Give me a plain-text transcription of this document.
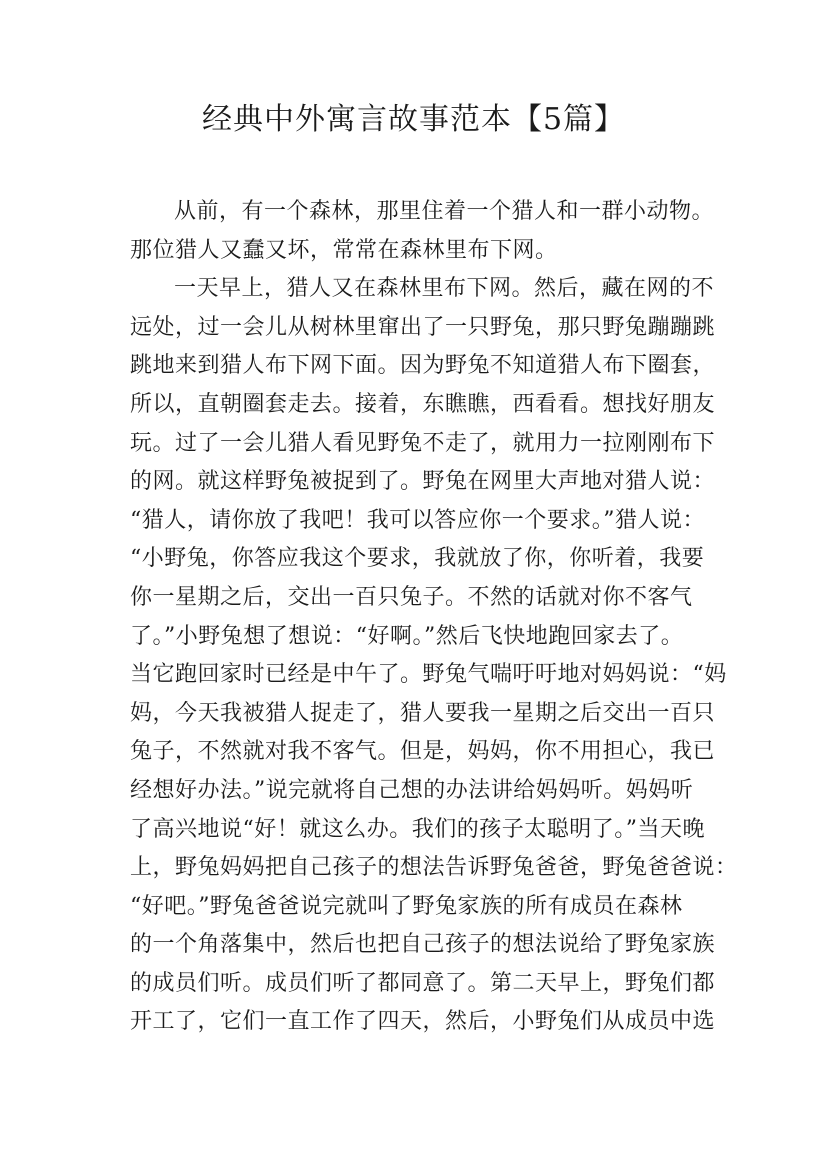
经典中外寓言故事范本【5篇】
从前，有一个森林，那里住着一个猎人和一群小动物。
那位猎人又蠢又坏，常常在森林里布下网。
一天早上，猎人又在森林里布下网。然后，藏在网的不
远处，过一会儿从树林里窜出了一只野兔，那只野兔蹦蹦跳
跳地来到猎人布下网下面。因为野兔不知道猎人布下圈套，
所以，直朝圈套走去。接着，东瞧瞧，西看看。想找好朋友
玩。过了一会儿猎人看见野兔不走了，就用力一拉刚刚布下
的网。就这样野兔被捉到了。野兔在网里大声地对猎人说：
“猎人，请你放了我吧！我可以答应你一个要求。”猎人说：
“小野兔，你答应我这个要求，我就放了你，你听着，我要
你一星期之后，交出一百只兔子。不然的话就对你不客气
了。”小野兔想了想说：“好啊。”然后飞快地跑回家去了。
当它跑回家时已经是中午了。野兔气喘吁吁地对妈妈说：“妈
妈，今天我被猎人捉走了，猎人要我一星期之后交出一百只
兔子，不然就对我不客气。但是，妈妈，你不用担心，我已
经想好办法。”说完就将自己想的办法讲给妈妈听。妈妈听
了高兴地说“好！就这么办。我们的孩子太聪明了。”当天晚
上，野兔妈妈把自己孩子的想法告诉野兔爸爸，野兔爸爸说：
“好吧。”野兔爸爸说完就叫了野兔家族的所有成员在森林
的一个角落集中，然后也把自己孩子的想法说给了野兔家族
的成员们听。成员们听了都同意了。第二天早上，野兔们都
开工了，它们一直工作了四天，然后，小野兔们从成员中选
